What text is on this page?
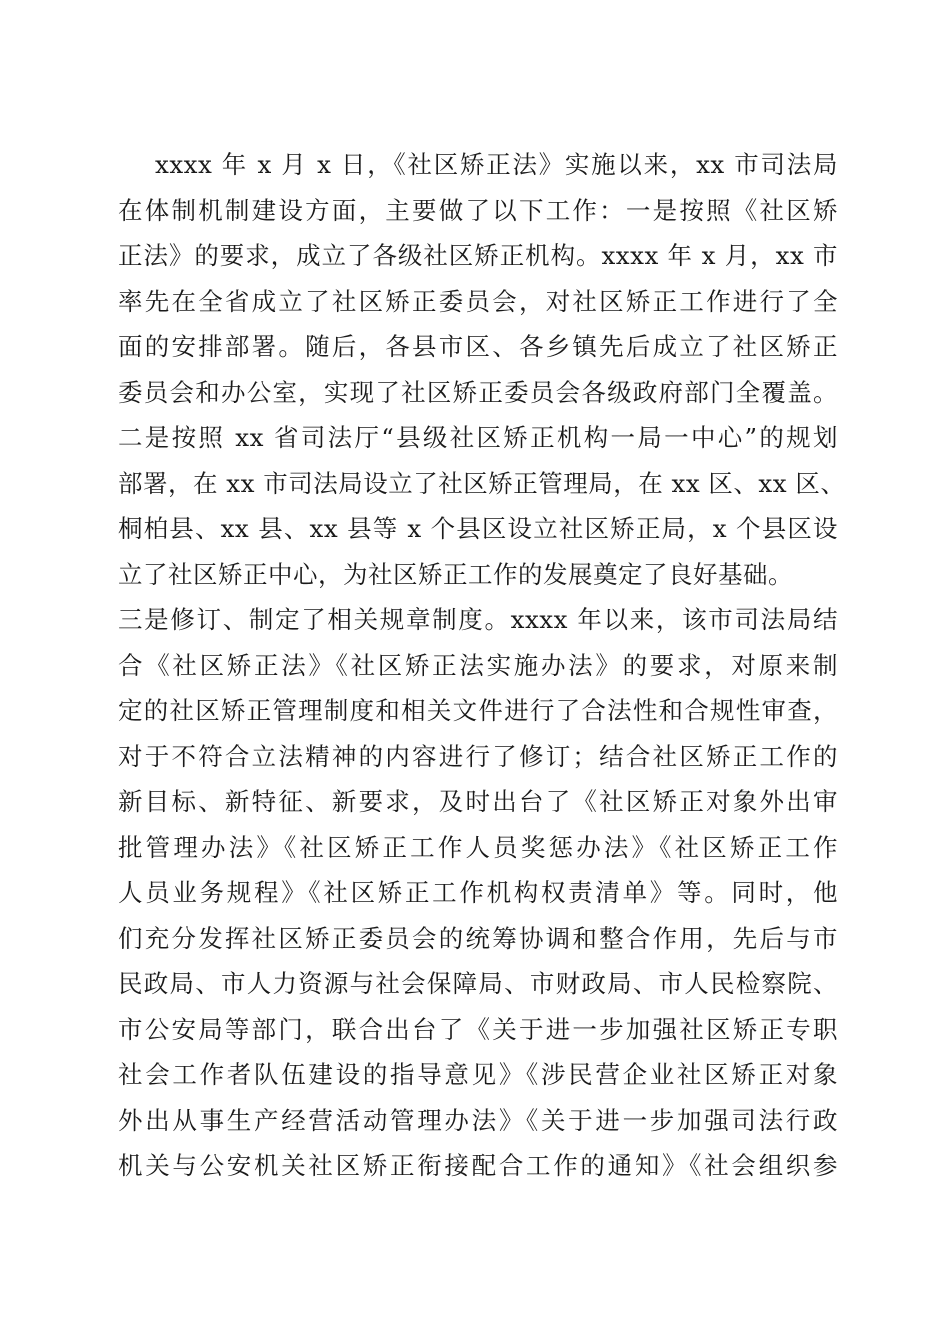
xxxx 年 x 月 x 日，《社区矫正法》实施以来，xx 市司法局
在体制机制建设方面，主要做了以下工作：一是按照《社区矫
正法》的要求，成立了各级社区矫正机构。xxxx 年 x 月，xx 市
率先在全省成立了社区矫正委员会，对社区矫正工作进行了全
面的安排部署。随后，各县市区、各乡镇先后成立了社区矫正
委员会和办公室，实现了社区矫正委员会各级政府部门全覆盖。
二是按照 xx 省司法厅“县级社区矫正机构一局一中心”的规划
部署，在 xx 市司法局设立了社区矫正管理局，在 xx 区、xx 区、
桐柏县、xx 县、xx 县等 x 个县区设立社区矫正局，x 个县区设
立了社区矫正中心，为社区矫正工作的发展奠定了良好基础。
三是修订、制定了相关规章制度。xxxx 年以来，该市司法局结
合《社区矫正法》《社区矫正法实施办法》的要求，对原来制
定的社区矫正管理制度和相关文件进行了合法性和合规性审查，
对于不符合立法精神的内容进行了修订；结合社区矫正工作的
新目标、新特征、新要求，及时出台了《社区矫正对象外出审
批管理办法》《社区矫正工作人员奖惩办法》《社区矫正工作
人员业务规程》《社区矫正工作机构权责清单》等。同时，他
们充分发挥社区矫正委员会的统筹协调和整合作用，先后与市
民政局、市人力资源与社会保障局、市财政局、市人民检察院、
市公安局等部门，联合出台了《关于进一步加强社区矫正专职
社会工作者队伍建设的指导意见》《涉民营企业社区矫正对象
外出从事生产经营活动管理办法》《关于进一步加强司法行政
机关与公安机关社区矫正衔接配合工作的通知》《社会组织参
